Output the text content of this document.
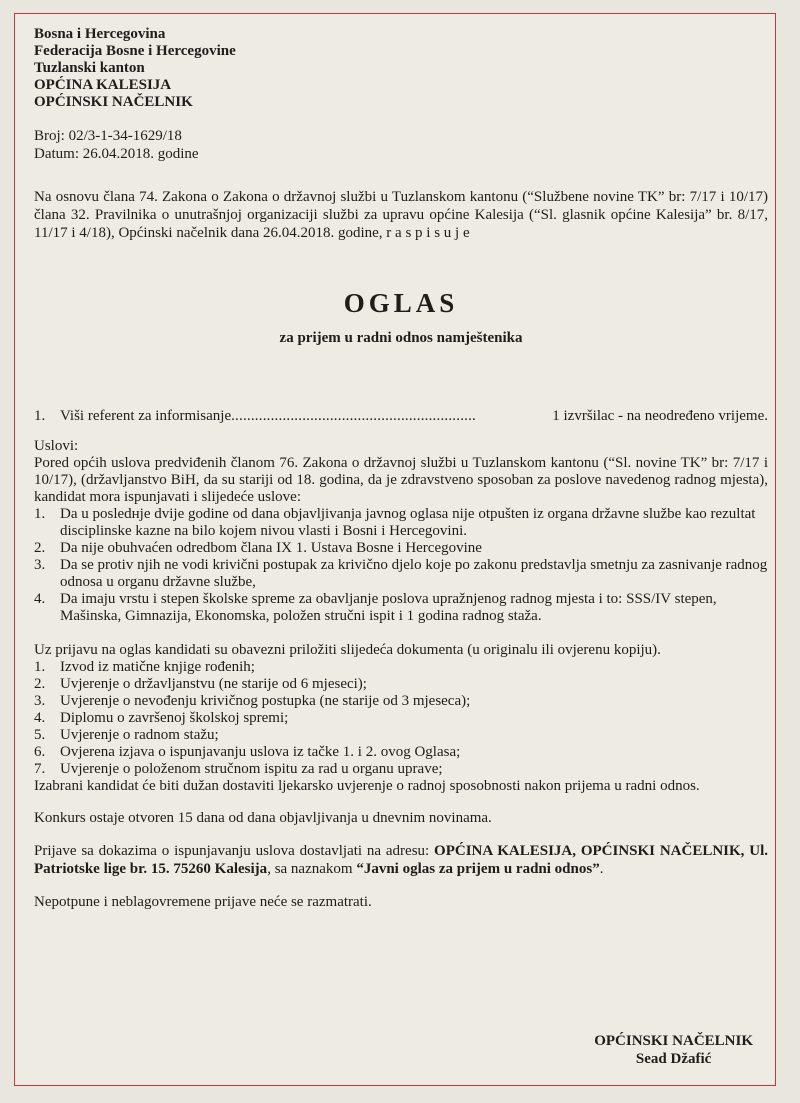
Bosna i Hercegovina
Federacija Bosne i Hercegovine
Tuzlanski kanton
OPĆINA KALESIJA
OPĆINSKI NAČELNIK
Broj: 02/3-1-34-1629/18
Datum: 26.04.2018. godine
Na osnovu člana 74. Zakona o Zakona o državnoj službi u Tuzlanskom kantonu (“Službene novine TK” br: 7/17 i 10/17) člana 32. Pravilnika o unutrašnjoj organizaciji službi za upravu općine Kalesija (“Sl. glasnik općine Kalesija” br. 8/17, 11/17 i 4/18), Općinski načelnik dana 26.04.2018. godine, r a s p i s u j e
OGLAS
za prijem u radni odnos namještenika
1. Viši referent za informisanje ..............................................................	1 izvršilac - na neodređeno vrijeme.
Uslovi:
Pored općih uslova predviđenih članom 76. Zakona o državnoj službi u Tuzlanskom kantonu (“Sl. novine TK” br: 7/17 i 10/17), (državljanstvo BiH, da su stariji od 18. godina, da je zdravstveno sposoban za poslove navedenog radnog mjesta), kandidat mora ispunjavati i slijedeće uslove:
1. Da u posledнje dvije godine od dana objavljivanja javnog oglasa nije otpušten iz organa državne službe kao rezultat disciplinske kazne na bilo kojem nivou vlasti i Bosni i Hercegovini.
2. Da nije obuhvaćen odredbom člana IX 1. Ustava Bosne i Hercegovine
3. Da se protiv njih ne vodi krivični postupak za krivično djelo koje po zakonu predstavlja smetnju za zasnivanje radnog odnosa u organu državne službe,
4. Da imaju vrstu i stepen školske spreme za obavljanje poslova upražnjenog radnog mjesta i to: SSS/IV stepen, Mašinska, Gimnazija, Ekonomska, položen stručni ispit i 1 godina radnog staža.
Uz prijavu na oglas kandidati su obavezni priložiti slijedeća dokumenta (u originalu ili ovjerenu kopiju).
1. Izvod iz matične knjige rođenih;
2. Uvjerenje o državljanstvu (ne starije od 6 mjeseci);
3. Uvjerenje o nevođenju krivičnog postupka (ne starije od 3 mjeseca);
4. Diplomu o završenoj školskoj spremi;
5. Uvjerenje o radnom stažu;
6. Ovjerena izjava o ispunjavanju uslova iz tačke 1. i 2. ovog Oglasa;
7. Uvjerenje o položenom stručnom ispitu za rad u organu uprave;
Izabrani kandidat će biti dužan dostaviti ljekarsko uvjerenje o radnoj sposobnosti nakon prijema u radni odnos.
Konkurs ostaje otvoren 15 dana od dana objavljivanja u dnevnim novinama.
Prijave sa dokazima o ispunjavanju uslova dostavljati na adresu: OPĆINA KALESIJA, OPĆINSKI NAČELNIK, Ul. Patriotske lige br. 15. 75260 Kalesija, sa naznakom “Javni oglas za prijem u radni odnos”.
Nepotpune i neblagovremene prijave neće se razmatrati.
OPĆINSKI NAČELNIK
Sead Džafić
